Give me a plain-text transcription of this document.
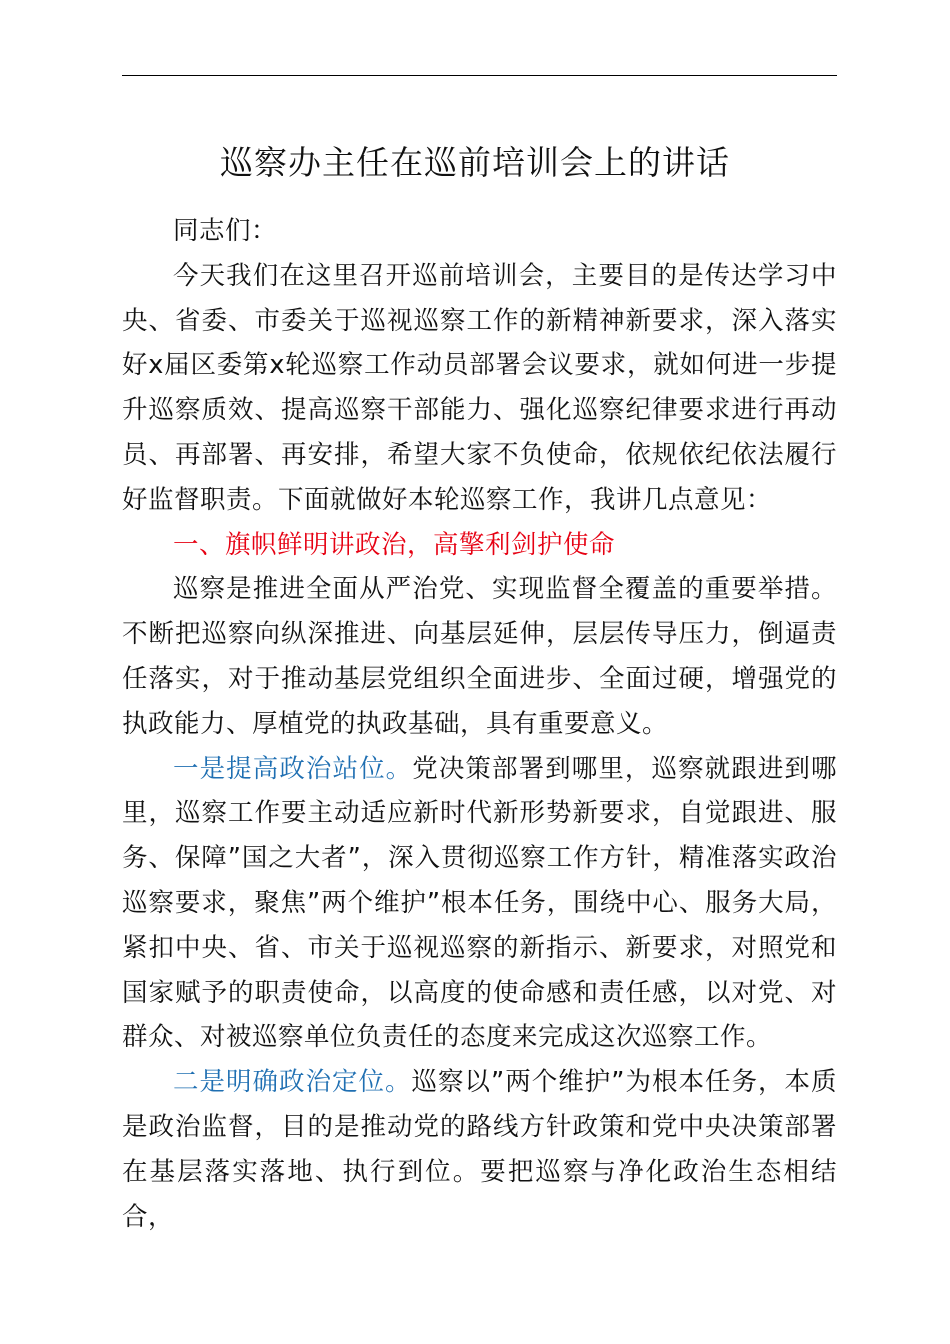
巡察办主任在巡前培训会上的讲话

同志们：

今天我们在这里召开巡前培训会，主要目的是传达学习中央、省委、市委关于巡视巡察工作的新精神新要求，深入落实好x届区委第x轮巡察工作动员部署会议要求，就如何进一步提升巡察质效、提高巡察干部能力、强化巡察纪律要求进行再动员、再部署、再安排，希望大家不负使命，依规依纪依法履行好监督职责。下面就做好本轮巡察工作，我讲几点意见：

一、旗帜鲜明讲政治，高擎利剑护使命

巡察是推进全面从严治党、实现监督全覆盖的重要举措。不断把巡察向纵深推进、向基层延伸，层层传导压力，倒逼责任落实，对于推动基层党组织全面进步、全面过硬，增强党的执政能力、厚植党的执政基础，具有重要意义。

一是提高政治站位。党决策部署到哪里，巡察就跟进到哪里，巡察工作要主动适应新时代新形势新要求，自觉跟进、服务、保障”国之大者”，深入贯彻巡察工作方针，精准落实政治巡察要求，聚焦”两个维护”根本任务，围绕中心、服务大局，紧扣中央、省、市关于巡视巡察的新指示、新要求，对照党和国家赋予的职责使命，以高度的使命感和责任感，以对党、对群众、对被巡察单位负责任的态度来完成这次巡察工作。

二是明确政治定位。巡察以”两个维护”为根本任务，本质是政治监督，目的是推动党的路线方针政策和党中央决策部署在基层落实落地、执行到位。要把巡察与净化政治生态相结合，
